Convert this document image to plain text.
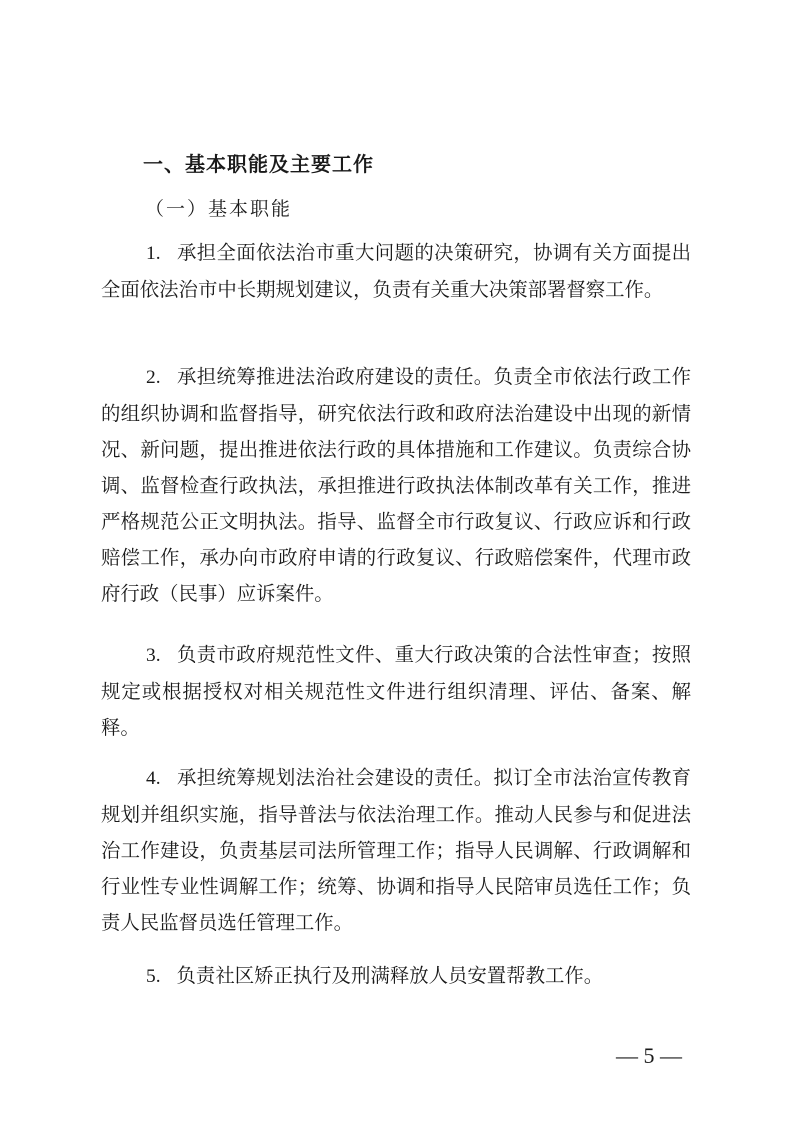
一、基本职能及主要工作
（一）基本职能

1. 承担全面依法治市重大问题的决策研究，协调有关方面提出全面依法治市中长期规划建议，负责有关重大决策部署督察工作。

2. 承担统筹推进法治政府建设的责任。负责全市依法行政工作的组织协调和监督指导，研究依法行政和政府法治建设中出现的新情况、新问题，提出推进依法行政的具体措施和工作建议。负责综合协调、监督检查行政执法，承担推进行政执法体制改革有关工作，推进严格规范公正文明执法。指导、监督全市行政复议、行政应诉和行政赔偿工作，承办向市政府申请的行政复议、行政赔偿案件，代理市政府行政（民事）应诉案件。

3. 负责市政府规范性文件、重大行政决策的合法性审查；按照规定或根据授权对相关规范性文件进行组织清理、评估、备案、解释。

4. 承担统筹规划法治社会建设的责任。拟订全市法治宣传教育规划并组织实施，指导普法与依法治理工作。推动人民参与和促进法治工作建设，负责基层司法所管理工作；指导人民调解、行政调解和行业性专业性调解工作；统筹、协调和指导人民陪审员选任工作；负责人民监督员选任管理工作。

5. 负责社区矫正执行及刑满释放人员安置帮教工作。

— 5 —
